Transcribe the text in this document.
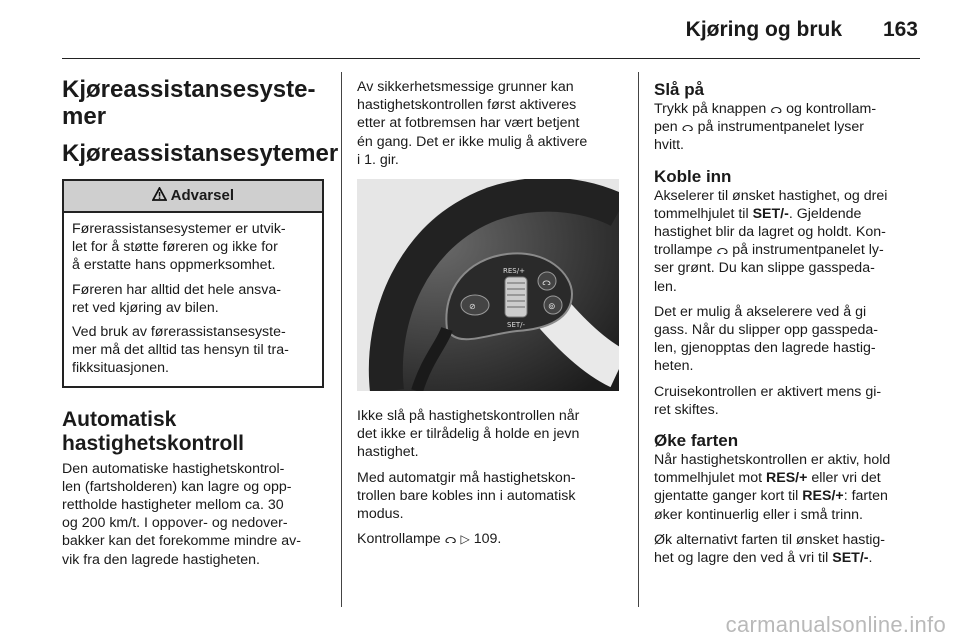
Kjøring og bruk 163
Kjøreassistansesyste-
mer
Kjøreassistansesytemer
Advarsel

Førerassistansesystemer er utvik-
let for å støtte føreren og ikke for
å erstatte hans oppmerksomhet.

Føreren har alltid det hele ansva-
ret ved kjøring av bilen.

Ved bruk av førerassistansesyste-
mer må det alltid tas hensyn til tra-
fikksituasjonen.

Automatisk
hastighetskontroll

Den automatiske hastighetskontrol-
len (fartsholderen) kan lagre og opp-
rettholde hastigheter mellom ca. 30
og 200 km/t. I oppover- og nedover-
bakker kan det forekomme mindre av-
vik fra den lagrede hastigheten.

Av sikkerhetsmessige grunner kan
hastighetskontrollen først aktiveres
etter at fotbremsen har vært betjent
én gang. Det er ikke mulig å aktivere
i 1. gir.

⊘
RES/+
SET/-
ᯋ
⊚

Ikke slå på hastighetskontrollen når
det ikke er tilrådelig å holde en jevn
hastighet.

Med automatgir må hastighetskon-
trollen bare kobles inn i automatisk
modus.

Kontrollampe ᯋ ▷ 109.

Slå på
Trykk på knappen ᯋ og kontrollam-
pen ᯋ på instrumentpanelet lyser
hvitt.
Koble inn

Akselerer til ønsket hastighet, og drei
tommelhjulet til SET/-. Gjeldende
hastighet blir da lagret og holdt. Kon-
trollampe ᯋ på instrumentpanelet ly-
ser grønt. Du kan slippe gasspeda-
len.

Det er mulig å akselerere ved å gi
gass. Når du slipper opp gasspeda-
len, gjenopptas den lagrede hastig-
heten.

Cruisekontrollen er aktivert mens gi-
ret skiftes.

Øke farten

Når hastighetskontrollen er aktiv, hold
tommelhjulet mot RES/+ eller vri det
gjentatte ganger kort til RES/+: farten
øker kontinuerlig eller i små trinn.

Øk alternativt farten til ønsket hastig-
het og lagre den ved å vri til SET/-.

carmanualsonline.info
